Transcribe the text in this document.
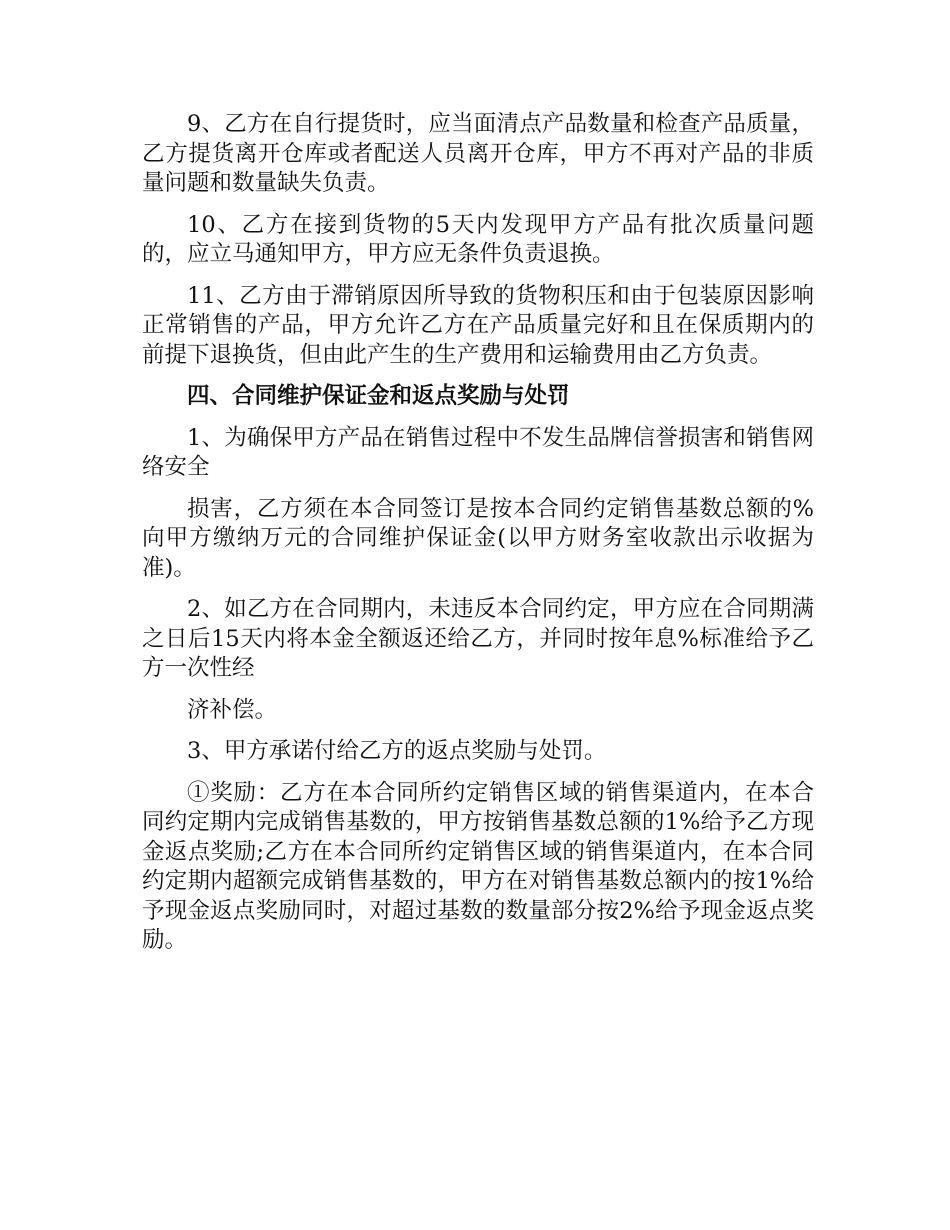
9、乙方在自行提货时，应当面清点产品数量和检查产品质量，乙方提货离开仓库或者配送人员离开仓库，甲方不再对产品的非质量问题和数量缺失负责。

10、乙方在接到货物的5天内发现甲方产品有批次质量问题的，应立马通知甲方，甲方应无条件负责退换。

11、乙方由于滞销原因所导致的货物积压和由于包装原因影响正常销售的产品，甲方允许乙方在产品质量完好和且在保质期内的前提下退换货，但由此产生的生产费用和运输费用由乙方负责。

四、合同维护保证金和返点奖励与处罚

1、为确保甲方产品在销售过程中不发生品牌信誉损害和销售网络安全

损害，乙方须在本合同签订是按本合同约定销售基数总额的%向甲方缴纳万元的合同维护保证金(以甲方财务室收款出示收据为准)。

2、如乙方在合同期内，未违反本合同约定，甲方应在合同期满之日后15天内将本金全额返还给乙方，并同时按年息%标准给予乙方一次性经

济补偿。

3、甲方承诺付给乙方的返点奖励与处罚。

①奖励：乙方在本合同所约定销售区域的销售渠道内，在本合同约定期内完成销售基数的，甲方按销售基数总额的1%给予乙方现金返点奖励;乙方在本合同所约定销售区域的销售渠道内，在本合同约定期内超额完成销售基数的，甲方在对销售基数总额内的按1%给予现金返点奖励同时，对超过基数的数量部分按2%给予现金返点奖励。
